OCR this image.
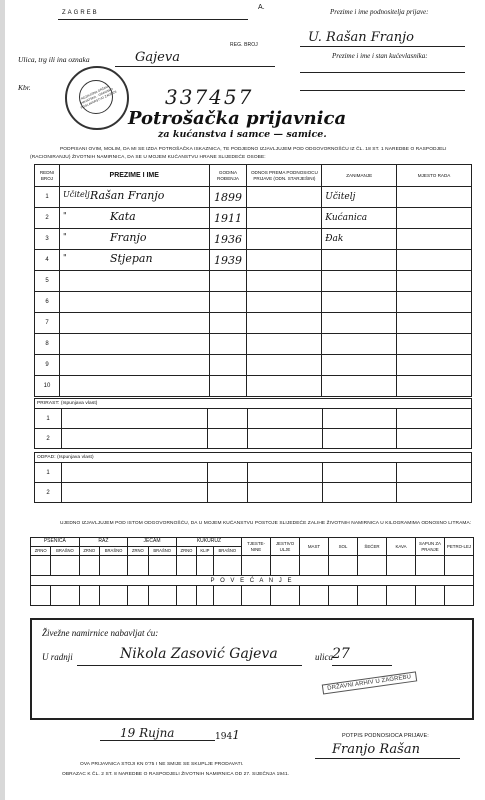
ZAGREB
A.
Ulica, trg ili ina oznaka	Gajeva
Kbr.
REG. BROJ
Prezime i ime podnositelja prijave:
U. Rašan Franjo
Prezime i ime i stan kućevlasnika:
NEZAVISNA DRŽAVA HRVATSKA · GRADSKO POGLAVARSTVO ZAGREB 337457
Potrošačka prijavnica
za kućanstva i samce — samice.
PODPISANI OVIM, MOLIM, DA MI SE IZDA POTROŠAČKA ISKAZNICA, TE PODJEDNO IZJAVLJUJEM POD ODGOVORNOŠĆU IZ ČL. 18 ST. 1 NAREDBE O RASPODJELI (RACIONIRANJU) ŽIVOTNIH NAMIRNICA, DA SE U MOJEM KUĆANSTVU HRANE SLIJEDEĆE OSOBE:
REDNI BROJ	PREZIME I IME	GODINA ROĐENJA	ODNOS PREMA PODNOSIOCU PRIJAVE (ODN. STARJEŠINI)	ZANIMANJE	MJESTO RADA
1	Učitelj Rašan Franjo	1899		Učitelj	
2	" Kata	1911		Kućanica	
3	" Franjo	1936		Đak	
4	" Stjepan	1939			
5	

6	

7	

8	

9	

10	

PRIRAST: (Ispunjava vlast)
1					
2					
ODPAD: (Ispunjava vlast)
1					
2					
UJEDNO IZJAVLJUJEM POD ISTOM ODGOVORNOŠĆU, DA U MOJEM KUĆANSTVU POSTOJE SLIJEDEĆE ZALIHE ŽIVOTNIH NAMIRNICA U KILOGRAMIMA ODNOSNO LITRAMA:
PŠENICA		RAŽ		JEČAM		KUKURUZ			TJESTE-NINE	JESTIVO ULJE	MAST	SOL	ŠEĆER	KAVA	SAPUN ZA PRANJE	PETRO-LEJ
ZRNO	BRAŠNO	ZRNO	BRAŠNO	ZRNO	BRAŠNO	ZRNO	KLIP	BRAŠNO								

P O V E Ć A N J E																

Živežne namirnice nabavljat ću:
U radnji	Nikola Zasović Gajeva	ulica 27
DRŽAVNI ARHIV U ZAGREBU
19 Rujna	1941	POTPIS PODNOSIOCA PRIJAVE:
Franjo Rašan
OVA PRIJAVNICA STOJI KN 0'75 I NE SMIJE SE SKUPLJE PRODAVATI.
OBRAZAC K ČL. 2 ST. 8 NAREDBE O RASPODJELI ŽIVOTNIH NAMIRNICA OD 27. SIJEČNJA 1941.
